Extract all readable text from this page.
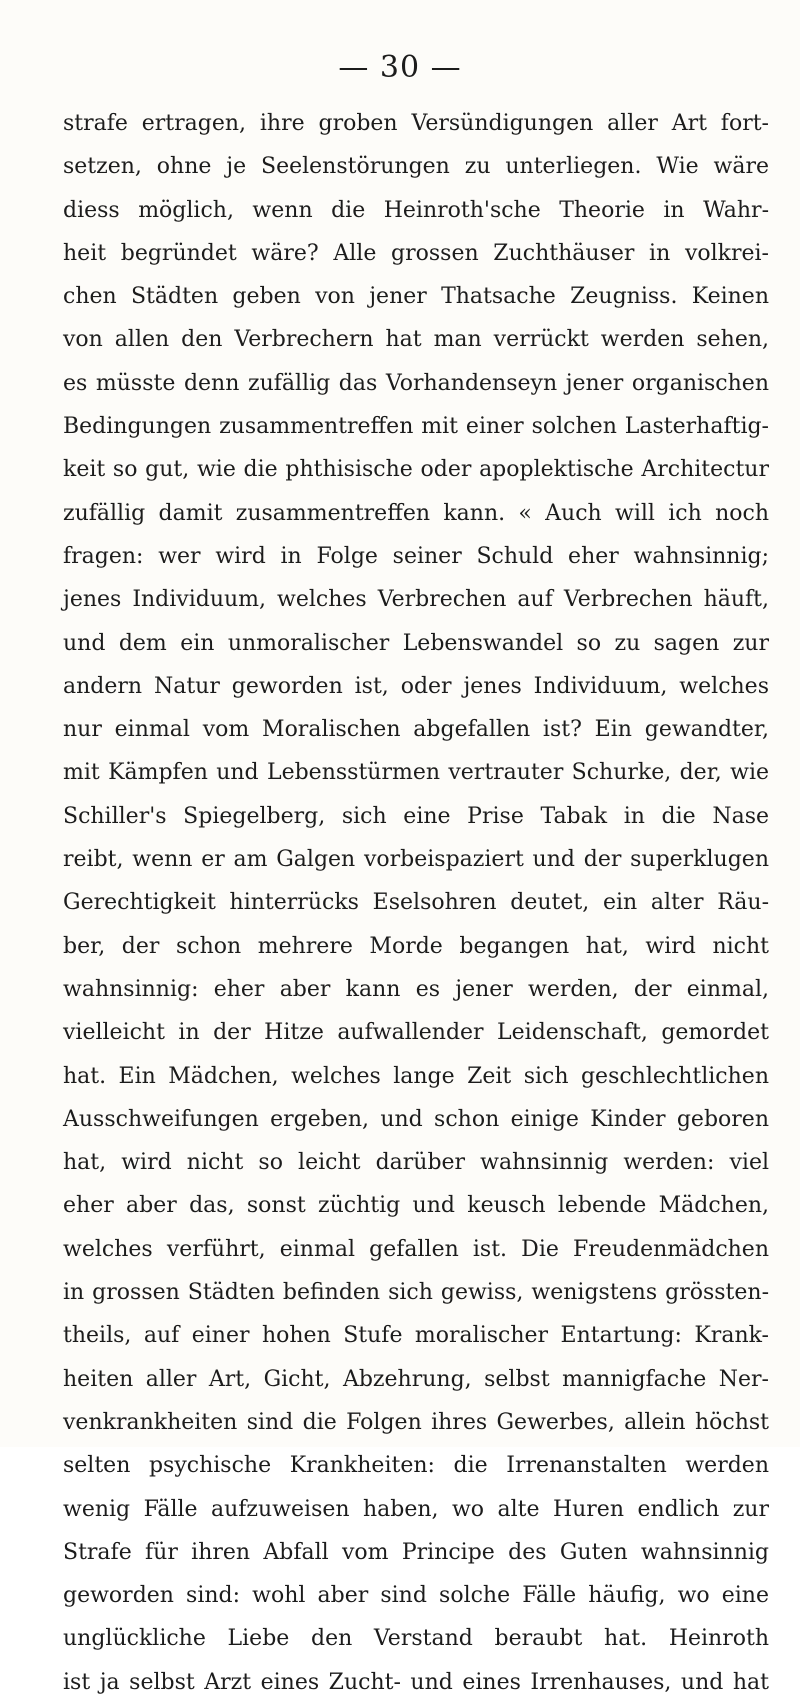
— 30 —
strafe ertragen, ihre groben Versündigungen aller Art fort-
setzen, ohne je Seelenstörungen zu unterliegen. Wie wäre
diess möglich, wenn die Heinroth'sche Theorie in Wahr-
heit begründet wäre? Alle grossen Zuchthäuser in volkrei-
chen Städten geben von jener Thatsache Zeugniss. Keinen
von allen den Verbrechern hat man verrückt werden sehen,
es müsste denn zufällig das Vorhandenseyn jener organischen
Bedingungen zusammentreffen mit einer solchen Lasterhaftig-
keit so gut, wie die phthisische oder apoplektische Architectur
zufällig damit zusammentreffen kann. « Auch will ich noch
fragen: wer wird in Folge seiner Schuld eher wahnsinnig;
jenes Individuum, welches Verbrechen auf Verbrechen häuft,
und dem ein unmoralischer Lebenswandel so zu sagen zur
andern Natur geworden ist, oder jenes Individuum, welches
nur einmal vom Moralischen abgefallen ist? Ein gewandter,
mit Kämpfen und Lebensstürmen vertrauter Schurke, der, wie
Schiller's Spiegelberg, sich eine Prise Tabak in die Nase
reibt, wenn er am Galgen vorbeispaziert und der superklugen
Gerechtigkeit hinterrücks Eselsohren deutet, ein alter Räu-
ber, der schon mehrere Morde begangen hat, wird nicht
wahnsinnig: eher aber kann es jener werden, der einmal,
vielleicht in der Hitze aufwallender Leidenschaft, gemordet
hat. Ein Mädchen, welches lange Zeit sich geschlechtlichen
Ausschweifungen ergeben, und schon einige Kinder geboren
hat, wird nicht so leicht darüber wahnsinnig werden: viel
eher aber das, sonst züchtig und keusch lebende Mädchen,
welches verführt, einmal gefallen ist. Die Freudenmädchen
in grossen Städten befinden sich gewiss, wenigstens grössten-
theils, auf einer hohen Stufe moralischer Entartung: Krank-
heiten aller Art, Gicht, Abzehrung, selbst mannigfache Ner-
venkrankheiten sind die Folgen ihres Gewerbes, allein höchst
selten psychische Krankheiten: die Irrenanstalten werden
wenig Fälle aufzuweisen haben, wo alte Huren endlich zur
Strafe für ihren Abfall vom Principe des Guten wahnsinnig
geworden sind: wohl aber sind solche Fälle häufig, wo eine
unglückliche Liebe den Verstand beraubt hat. Heinroth
ist ja selbst Arzt eines Zucht- und eines Irrenhauses, und hat
